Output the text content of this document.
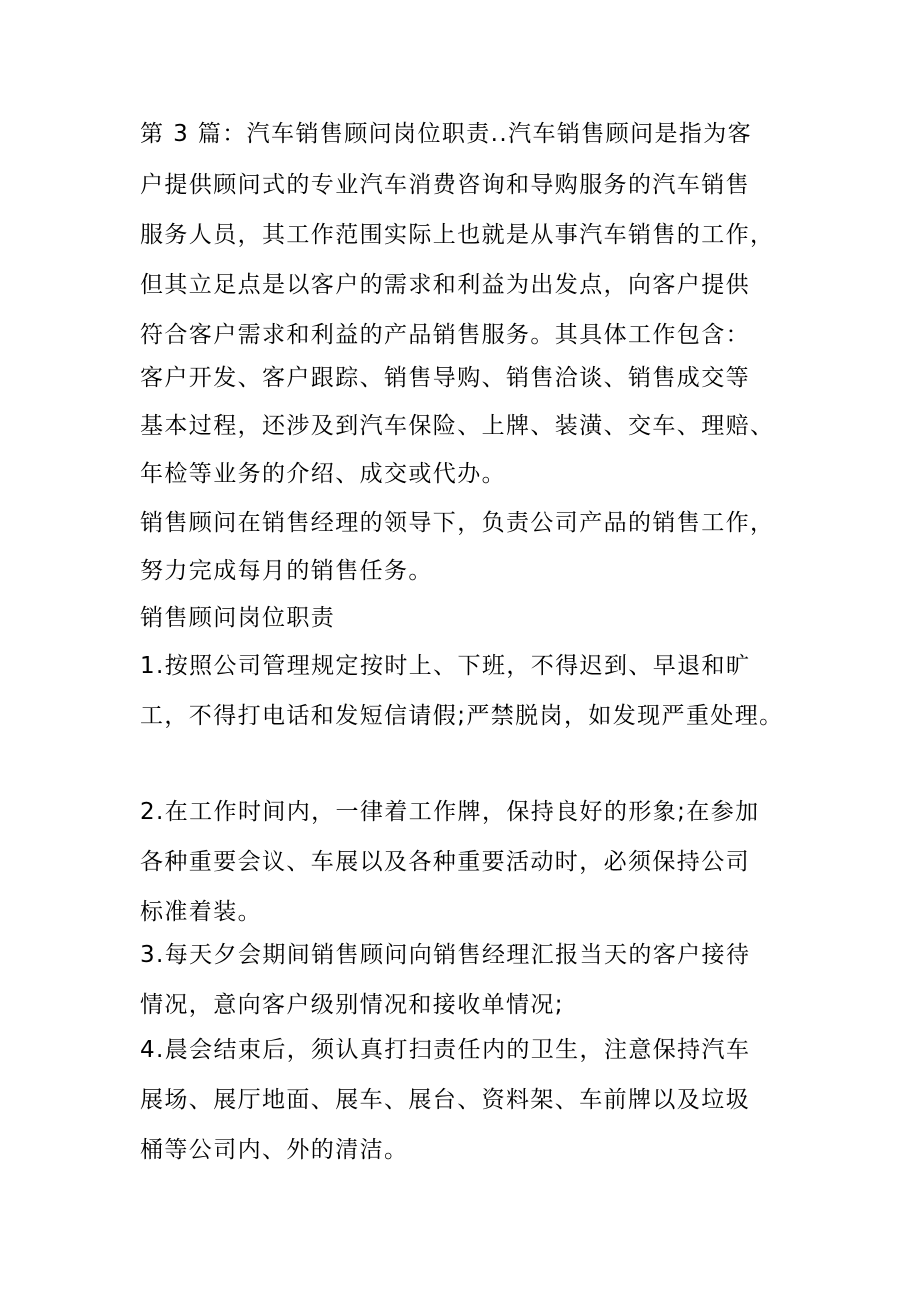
第 3 篇：汽车销售顾问岗位职责..汽车销售顾问是指为客
户提供顾问式的专业汽车消费咨询和导购服务的汽车销售
服务人员，其工作范围实际上也就是从事汽车销售的工作，
但其立足点是以客户的需求和利益为出发点，向客户提供
符合客户需求和利益的产品销售服务。其具体工作包含：
客户开发、客户跟踪、销售导购、销售洽谈、销售成交等
基本过程，还涉及到汽车保险、上牌、装潢、交车、理赔、
年检等业务的介绍、成交或代办。
销售顾问在销售经理的领导下，负责公司产品的销售工作，
努力完成每月的销售任务。
销售顾问岗位职责
1.按照公司管理规定按时上、下班，不得迟到、早退和旷
工，不得打电话和发短信请假;严禁脱岗，如发现严重处理。
2.在工作时间内，一律着工作牌，保持良好的形象;在参加
各种重要会议、车展以及各种重要活动时，必须保持公司
标准着装。
3.每天夕会期间销售顾问向销售经理汇报当天的客户接待
情况，意向客户级别情况和接收单情况;
4.晨会结束后，须认真打扫责任内的卫生，注意保持汽车
展场、展厅地面、展车、展台、资料架、车前牌以及垃圾
桶等公司内、外的清洁。
